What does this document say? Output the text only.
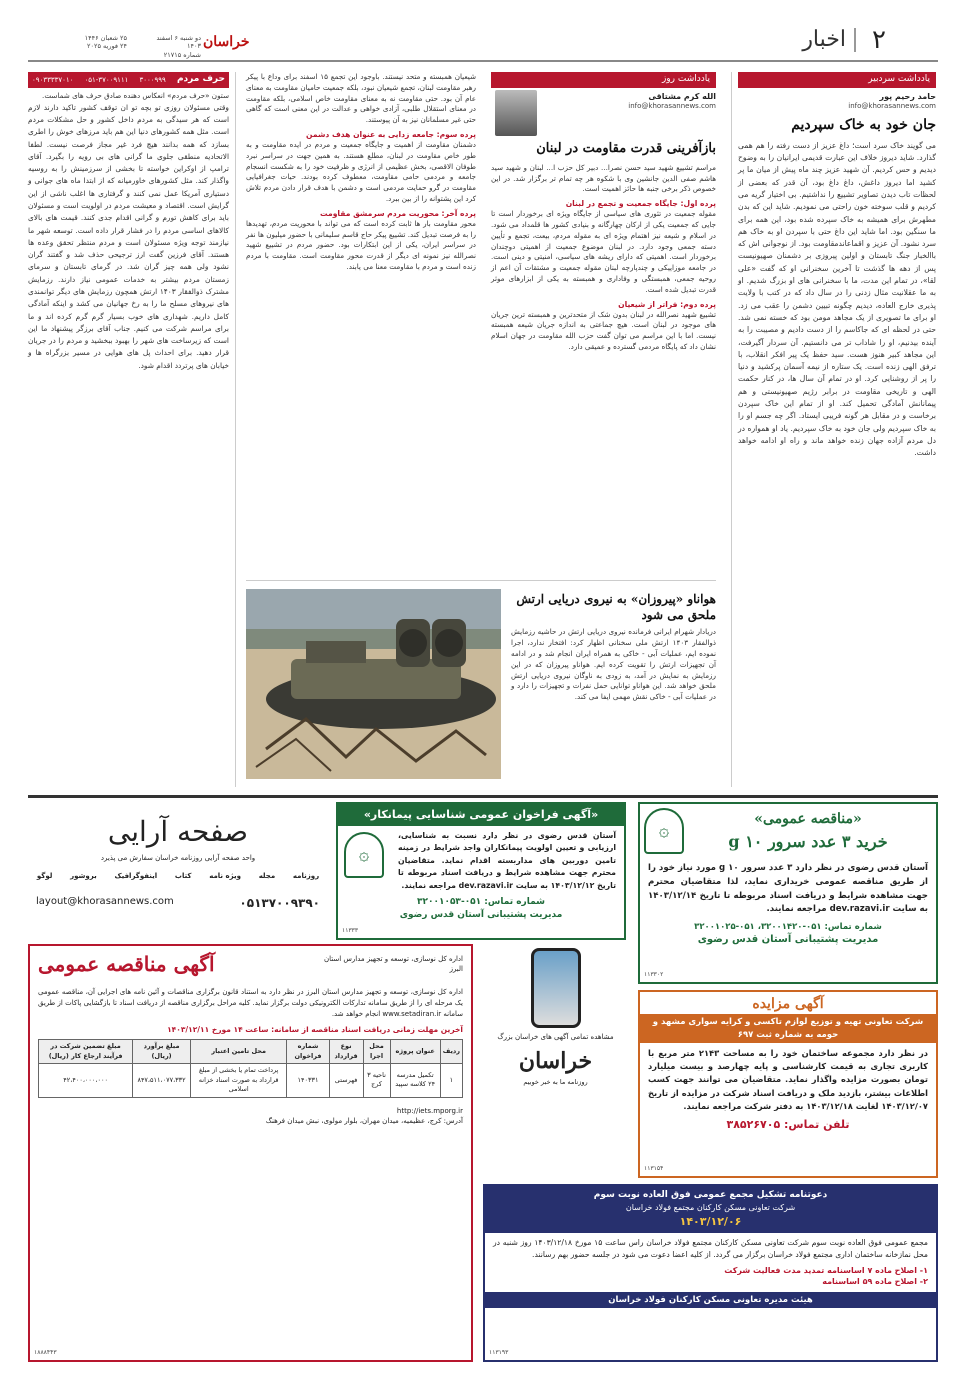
۲
اخبار
خراسان
دو شنبه ۶ اسفند ۱۴۰۳
شماره ۲۱۷۱۵
۲۵ شعبان ۱۴۴۶
۲۴ فوریه ۲۰۲۵
یادداشت سردبیر
حامد رحیم پور
info@khorasannews.com
جان خود به خاک سپردیم
می گویند خاک سرد است؛ داغ عزیز از دست رفته را هم همی گذارد. شاید دیروز خلاف این عبارت قدیمی ایرانیان را به وضوح دیدیم و حس کردیم. آن شهید عزیز چند ماه پیش از میان ما پر کشید اما دیروز داغش، داغ داغ بود، آن قدر که بعضی از لحظات تاب دیدن تصاویر تشییع را نداشتیم. بی اختیار گریه می کردیم و قلب سوخته خون راحتی می نمودیم. شاید این که بدن مطهرش برای همیشه به خاک سپرده شده بود، این همه برای ما سنگین بود. اما شاید این داغ حتی با سپردن او به خاک هم سرد نشود. آن عزیز و اقماعاندمقاومت بود. از نوجوانی اش که باالخبار جنگ تابستان و اولین پیروزی بر دشمنان صهیونیست پس از دهه ها گذشت تا آخرین سخنرانی او که گفت «علی لقا»، در تمام این مدت، ما با سخنرانی های او بزرگ شدیم. او به ما عقلانیت مثال زدنی را در سال داد که در کتب با ولایت پذیری خارج العاده، دیدیم چگونه تبیین دشمن را عقب می زد. او برای ما تصویری از یک مجاهد مومن بود که خسته نمی شد. حتی در لحظه ای که جاکاسم را از دست دادیم و مصیبت را به آینده بیدنیم، او را شاداب تر می دانستیم. آن سردار آگیرفت، این مجاهد کبیر هنوز هست. سید حفظ یک پیر افکر انقلاب، با ترفق الهی زنده است. یک ستاره از نیمه آسمان پرکشید و دنیا را پر از روشنایی کرد. او در تمام آن سال ها، در کنار حکمت الهی و تاریخی مقاومت در برابر رژیم صهیونیستی و هم پیمانانش آمادگی تحمیل کند. او از تمام این خاک سپردن برخاست و در مقابل هر گونه فریبی ایستاد. اگر چه جسم او را به خاک سپردیم ولی جان خود به خاک سپردیم. یاد او همواره در دل مردم آزاده جهان زنده خواهد ماند و راه او ادامه خواهد داشت.
یادداشت روز
الله کرم مشتاقی
info@khorasannews.com
بازآفرینی قدرت مقاومت در لبنان
مراسم تشییع شهید سید حسن نصرا... دبیر کل حزب ا... لبنان و شهید سید هاشم صفی الدین جانشین وی با شکوه هر چه تمام تر برگزار شد. در این خصوص ذکر برخی جنبه ها حائز اهمیت است.
پرده اول: جایگاه جمعیت و تجمع در لبنان
مقوله جمعیت در تئوری های سیاسی از جایگاه ویژه ای برخوردار است تا جایی که جمعیت یکی از ارکان چهارگانه و بنیادی کشور ها قلمداد می شود. در اسلام و شیعه نیز اهتمام ویژه ای به مقوله مردم، بیعت، تجمع و تأیین دسته جمعی وجود دارد. در لبنان موضوع جمعیت از اهمیتی دوچندان برخوردار است. اهمیتی که دارای ریشه های سیاسی، امنیتی و دینی است. در جامعه موزاییکی و چندپارچه لبنان مقوله جمعیت و مشتقات آن اعم از روحیه جمعی، همبستگی و وفاداری و همبسته به یکی از ابزارهای موثر قدرت تبدیل شده است.
پرده دوم: فراتر از شیعیان
تشییع شهید نصرالله در لبنان بدون شک از متحدترین و همبسته ترین جریان های موجود در لبنان است. هیچ جماعتی به اندازه جریان شیعه همبسته نیست. اما با این مراسم می توان گفت حزب الله مقاومت در جهان اسلام نشان داد که پایگاه مردمی گسترده و عمیقی دارد.
شیعیان همبسته و متحد نیستند. باوجود این تجمع ۱۵ اسفند برای وداع با پیکر رهبر مقاومت لبنان، تجمع شیعیان نبود، بلکه جمعیت حامیان مقاومت به معنای عام آن بود. حتی مقاومت نه به معنای مقاومت خاص اسلامی، بلکه مقاومت در معنای استقلال طلبی، آزادی خواهی و عدالت در این معنی است که گاهی حتی غیر مسلمانان نیز به آن پیوستند.
پرده سوم: جامعه زدایی به عنوان هدف دشمن
دشمنان مقاومت از اهمیت و جایگاه جمعیت و مردم در ایده مقاومت و به طور خاص مقاومت در لبنان، مطلع هستند. به همین جهت در سراسر نبرد طوفان الاقصی، بخش عظیمی از انرژی و ظرفیت خود را به شکست انسجام جامعه و مردمی حامی مقاومت، معطوف کرده بودند. حیات جغرافیایی مقاومت در گرو حمایت مردمی است و دشمن با هدف قرار دادن مردم تلاش کرد این پشتوانه را از بین ببرد.
پرده آخر: محوریت مردم سرمشق مقاومت
محور مقاومت بار ها ثابت کرده است که می تواند با محوریت مردم، تهدیدها را به فرصت تبدیل کند. تشییع پیکر حاج قاسم سلیمانی با حضور میلیون ها نفر در سراسر ایران، یکی از این ابتکارات بود. حضور مردم در تشییع شهید نصرالله نیز نمونه ای دیگر از قدرت محور مقاومت است. مقاومت با مردم زنده است و مردم با مقاومت معنا می یابند.
هواناو «پیروزان» به نیروی دریایی ارتش ملحق می شود
دریادار شهرام ایرانی فرمانده نیروی دریایی ارتش در حاشیه رزمایش ذوالفقار ۱۴۰۳ ارتش ملی سخنانی اظهار کرد: افتخار ندارد، اجرا نموده ایم، عملیات آبی - خاکی به همراه ایران انجام شد و در ادامه آن تجهیزات ارتش را تقویت کرده ایم. هواناو پیروزان که در این رزمایش به نمایش در آمد، به زودی به ناوگان نیروی دریایی ارتش ملحق خواهد شد. این هواناو توانایی حمل نفرات و تجهیزات را دارد و در عملیات آبی - خاکی نقش مهمی ایفا می کند.
حرف مردم
۳۰۰۰۹۹۹
۰۵۱-۳۷۰۰۹۱۱۱
۰۹۰۳۳۳۳۷۰۱۰
ستون «حرف مردم» انعکاس دهنده صادق حرف های شماست.
وقتی مسئولان روزی تو بچه تو ان توقف کشور تاکید دارند لازم است که هر سیدگی به مردم داخل کشور و حل مشکلات مردم است. مثل همه کشورهای دنیا این هم باید مرزهای خوش را اطری بسازد که همه بدانند هیچ فرد غیر مجاز فرصت نیست. لطفا الاتحادیه منطقی جلوی ما گرانی های بی رویه را بگیرد. آقای ترامپ از اوکراین خواسته تا بخشی از سرزمینش را به روسیه واگذار کند. مثل کشورهای خاورمیانه که از ابتدا ماه های جوانی و دستیاری آمریکا عمل نمی کنند و گرفتاری ها اغلب ناشی از این گرایش است. اقتصاد و معیشت مردم در اولویت است و مسئولان باید برای کاهش تورم و گرانی اقدام جدی کنند. قیمت های بالای کالاهای اساسی مردم را در فشار قرار داده است. توسعه شهر ما نیازمند توجه ویژه مسئولان است و مردم منتظر تحقق وعده ها هستند. آقای فرزین گفت ارز ترجیحی حذف شد و گفتند گران نشود ولی همه چیز گران شد. در گرمای تابستان و سرمای زمستان مردم بیشتر به خدمات عمومی نیاز دارند. رزمایش مشترک ذوالفقار ۱۴۰۳ ارتش همچون رزمایش های دیگر توانمندی های نیروهای مسلح ما را به رخ جهانیان می کشد و اینکه آمادگی کامل داریم. شهداری های خوب بسیار گرم گرم کرده اند و ما برای مراسم شرکت می کنیم. جناب آقای برزگر پیشنهاد ما این است که زیرساخت های شهر را بهبود ببخشید و مردم را در جریان قرار دهید. برای احداث پل های هوایی در مسیر بزرگراه ها و خیابان های پرتردد اقدام شود.
صفحه آرایی
واحد صفحه آرایی روزنامه خراسان سفارش می پذیرد
روزنامه
مجله
ویژه نامه
کتاب
اینفوگرافیک
بروشور
لوگو
layout@khorasannews.com	۰۵۱۳۷۰۰۹۳۹۰
«آگهی فراخوان عمومی شناسایی پیمانکار»
آستان قدس رضوی در نظر دارد نسبت به شناسایی، ارزیابی و تعیین اولویت پیمانکاران واجد شرایط در زمینه تامین دوربین های مداربسته اقدام نماید. متقاضیان محترم جهت مشاهده شرایط و دریافت اسناد مربوطه تا تاریخ ۱۴۰۳/۱۲/۱۲ به سایت dev.razavi.ir مراجعه نمایند.
۞
شماره تماس: ۰۵۱-۳۲۰۰۱۰۵۳
مدیریت پشتیبانی آستان قدس رضوی
۱۱۳۳۳
«مناقصه عمومی»
خرید ۳ عدد سرور ۱۰ g
۞
آستان قدس رضوی در نظر دارد ۳ عدد سرور ۱۰ g مورد نیاز خود را از طریق مناقصه عمومی خریداری نماید، لذا متقاضیان محترم جهت مشاهده شرایط و دریافت اسناد مربوطه تا تاریخ ۱۴۰۳/۱۲/۱۴ به سایت dev.razavi.ir مراجعه نمایند.
شماره تماس: ۰۵۱-۳۲۰۰۱۴۲۰، ۰۵۱-۳۲۰۰۱۰۲۵
مدیریت پشتیبانی آستان قدس رضوی
۱۱۳۳۰۲
اداره کل نوسازی، توسعه و تجهیز مدارس استان البرز
آگهی مناقصه عمومی
اداره کل نوسازی، توسعه و تجهیز مدارس استان البرز در نظر دارد به استناد قانون برگزاری مناقصات و آئین نامه های اجرایی آن، مناقصه عمومی یک مرحله ای را از طریق سامانه تدارکات الکترونیکی دولت برگزار نماید. کلیه مراحل برگزاری مناقصه از دریافت اسناد تا بازگشایی پاکات از طریق سامانه www.setadiran.ir انجام خواهد شد.
آخرین مهلت زمانی دریافت اسناد مناقصه از سامانه: ساعت ۱۴ مورخ ۱۴۰۳/۱۲/۱۱
ردیف	عنوان پروژه	محل اجرا	نوع قرارداد	شماره فراخوان	محل تامین اعتبار	مبلغ برآورد (ریال)	مبلغ تضمین شرکت در فرآیند ارجاع کار (ریال)
۱	تکمیل مدرسه ۲۴ کلاسه سپید	ناحیه ۳ کرج	فهرستی	۱۴۰۳۳۱	پرداخت تمام یا بخشی از مبلغ قرارداد به صورت اسناد خزانه اسلامی	۸۴۷،۵۱۱،۰۷۷،۳۳۲	۴۲،۴۰۰،۰۰۰،۰۰۰
http://iets.mporg.ir
آدرس: کرج، عظیمیه، میدان مهران، بلوار مولوی، نبش میدان فرهنگ
۱۸۸۸۴۴۳
مشاهده تمامی آگهی های خراسان بزرگ
خراسان
روزنامه ما به خبر خوبیم
آگهی مزایده
شرکت تعاونی تهیه و توزیع لوازم تاکسی و کرایه سواری مشهد و حومه به شماره ثبت ۶۹۷
در نظر دارد مجموعه ساختمان خود را به مساحت ۲۱۴۳ متر مربع با کاربری تجاری به قیمت کارشناسی و پایه چهارصد و بیست میلیارد تومان بصورت مزایده واگذار نماید. متقاضیان می توانند جهت کسب اطلاعات بیشتر، بازدید ملک و دریافت اسناد شرکت در مزایده از تاریخ ۱۴۰۳/۱۲/۰۷ لغایت ۱۴۰۳/۱۲/۱۸ به دفتر شرکت مراجعه نمایند.
تلفن تماس: ۳۸۵۲۶۷۰۵
۱۱۳۱۵۴
دعوتنامه تشکیل مجمع عمومی فوق العاده نوبت سوم
شرکت تعاونی مسکن کارکنان مجتمع فولاد خراسان
۱۴۰۳/۱۲/۰۶
مجمع عمومی فوق العاده نوبت سوم شرکت تعاونی مسکن کارکنان مجتمع فولاد خراسان راس ساعت ۱۵ مورخ ۱۴۰۳/۱۲/۱۸ روز شنبه در محل نمازخانه ساختمان اداری مجتمع فولاد خراسان برگزار می گردد. از کلیه اعضا دعوت می شود در جلسه حضور بهم رسانند.
۱- اصلاح ماده ۷ اساسنامه تمدید مدت فعالیت شرکت
۲- اصلاح ماده ۵۹ اساسنامه
هیئت مدیره تعاونی مسکن کارکنان فولاد خراسان
۱۱۳۱۹۳
